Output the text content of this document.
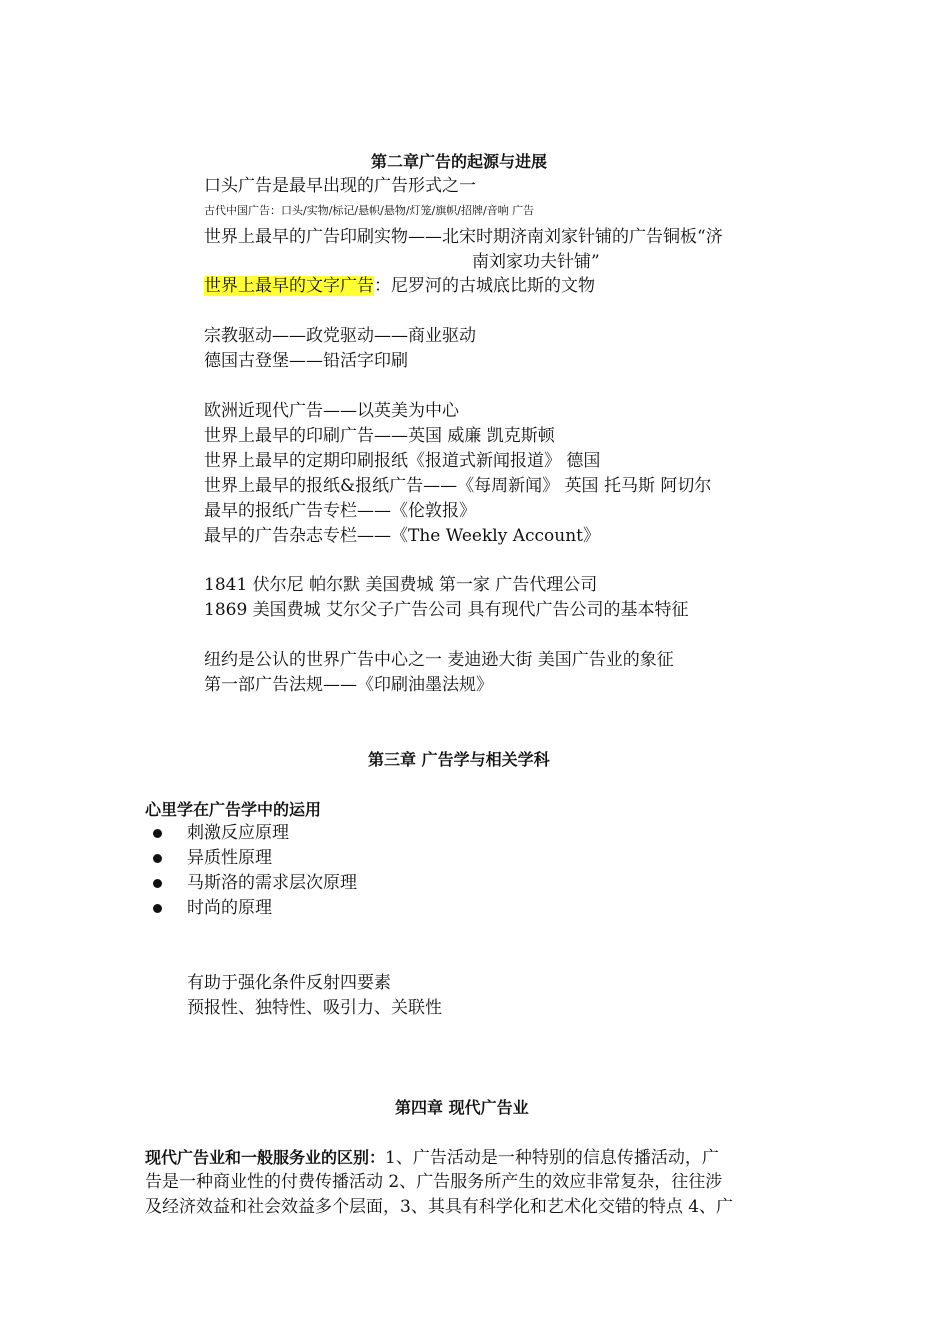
第二章广告的起源与进展
口头广告是最早出现的广告形式之一
古代中国广告：口头/实物/标记/悬帜/悬物/灯笼/旗帜/招牌/音响 广告
世界上最早的广告印刷实物——北宋时期济南刘家针铺的广告铜板“济
南刘家功夫针铺”
世界上最早的文字广告：尼罗河的古城底比斯的文物
宗教驱动——政党驱动——商业驱动
德国古登堡——铅活字印刷
欧洲近现代广告——以英美为中心
世界上最早的印刷广告——英国 威廉 凯克斯顿
世界上最早的定期印刷报纸《报道式新闻报道》 德国
世界上最早的报纸&报纸广告——《每周新闻》 英国 托马斯 阿切尔
最早的报纸广告专栏——《伦敦报》
最早的广告杂志专栏——《The Weekly Account》
1841 伏尔尼 帕尔默 美国费城 第一家 广告代理公司
1869 美国费城 艾尔父子广告公司 具有现代广告公司的基本特征
纽约是公认的世界广告中心之一 麦迪逊大街 美国广告业的象征
第一部广告法规——《印刷油墨法规》
第三章 广告学与相关学科
心里学在广告学中的运用
刺激反应原理
异质性原理
马斯洛的需求层次原理
时尚的原理
有助于强化条件反射四要素
预报性、独特性、吸引力、关联性
第四章 现代广告业
现代广告业和一般服务业的区别：1、广告活动是一种特别的信息传播活动，广
告是一种商业性的付费传播活动 2、广告服务所产生的效应非常复杂，往往涉
及经济效益和社会效益多个层面，3、其具有科学化和艺术化交错的特点 4、广
